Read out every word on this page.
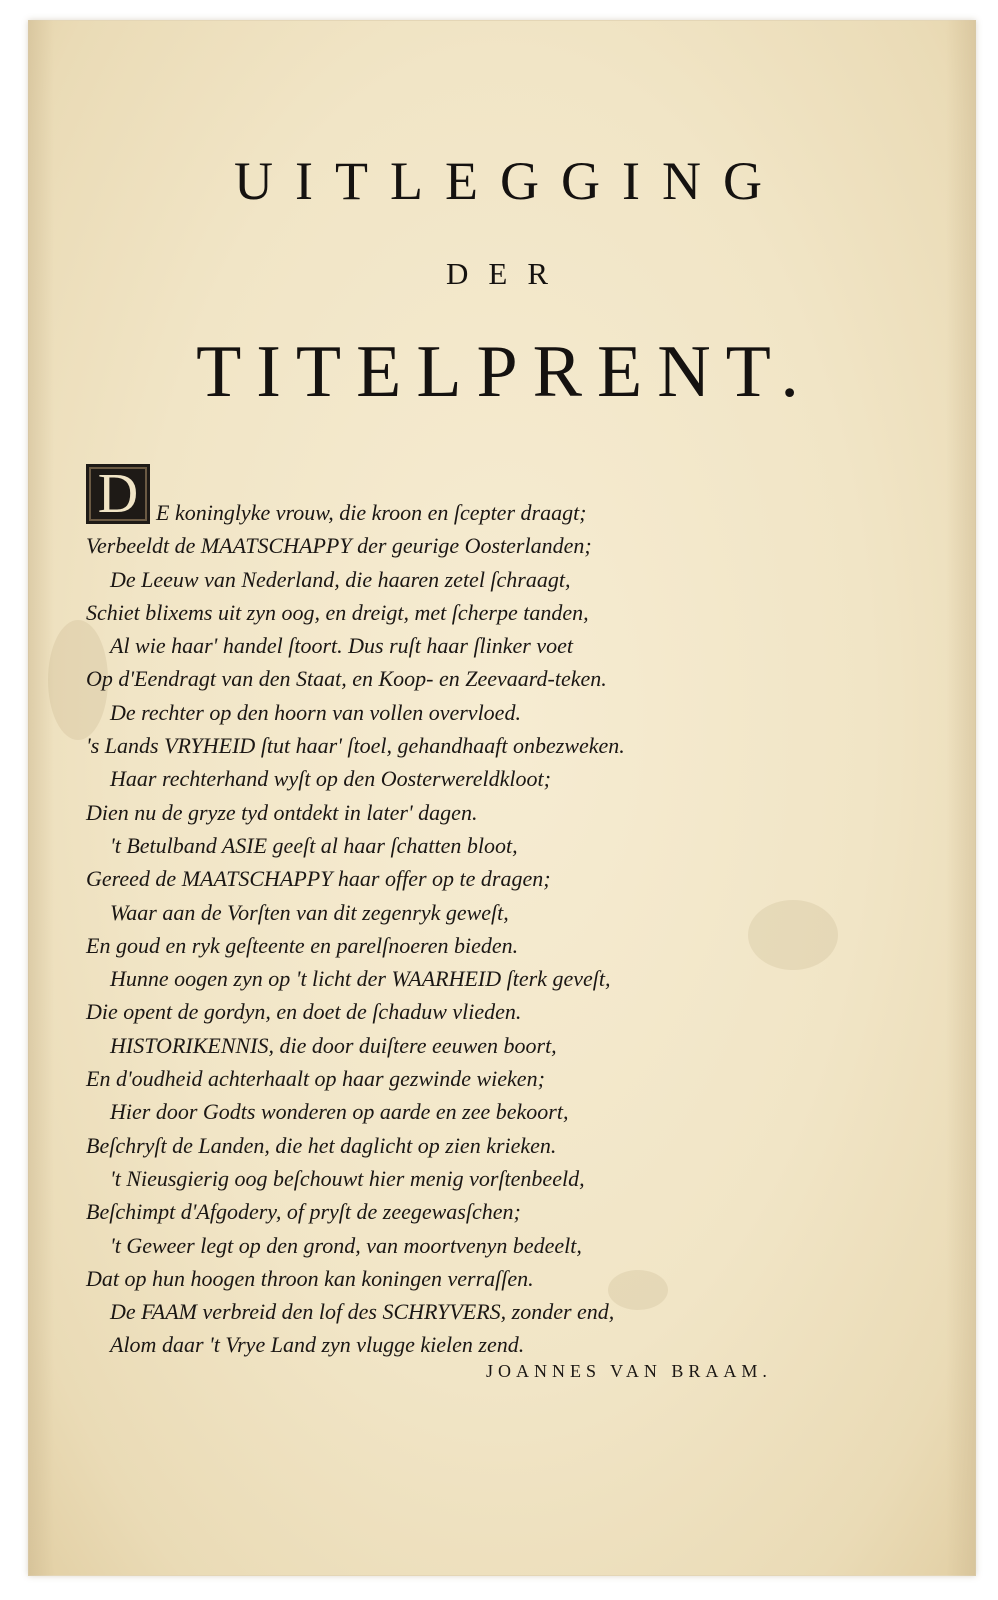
UITLEGGING
DER
TITELPRENT.
D E koninglyke vrouw, die kroon en ſcepter draagt;
Verbeeldt de MAATSCHAPPY der geurige Oosterlanden;
De Leeuw van Nederland, die haaren zetel ſchraagt,
Schiet blixems uit zyn oog, en dreigt, met ſcherpe tanden,
Al wie haar' handel ſtoort. Dus ruſt haar ſlinker voet
Op d'Eendragt van den Staat, en Koop- en Zeevaard-teken.
De rechter op den hoorn van vollen overvloed.
's Lands VRYHEID ſtut haar' ſtoel, gehandhaaft onbezweken.
Haar rechterhand wyſt op den Oosterwereldkloot;
Dien nu de gryze tyd ontdekt in later' dagen.
't Betulband ASIE geeſt al haar ſchatten bloot,
Gereed de MAATSCHAPPY haar offer op te dragen;
Waar aan de Vorſten van dit zegenryk geweſt,
En goud en ryk geſteente en parelſnoeren bieden.
Hunne oogen zyn op 't licht der WAARHEID ſterk geveſt,
Die opent de gordyn, en doet de ſchaduw vlieden.
HISTORIKENNIS, die door duiſtere eeuwen boort,
En d'oudheid achterhaalt op haar gezwinde wieken;
Hier door Godts wonderen op aarde en zee bekoort,
Beſchryſt de Landen, die het daglicht op zien krieken.
't Nieusgierig oog beſchouwt hier menig vorſtenbeeld,
Beſchimpt d'Afgodery, of pryſt de zeegewasſchen;
't Geweer legt op den grond, van moortvenyn bedeelt,
Dat op hun hoogen throon kan koningen verraſſen.
De FAAM verbreid den lof des SCHRYVERS, zonder end,
Alom daar 't Vrye Land zyn vlugge kielen zend.

JOANNES VAN BRAAM.
